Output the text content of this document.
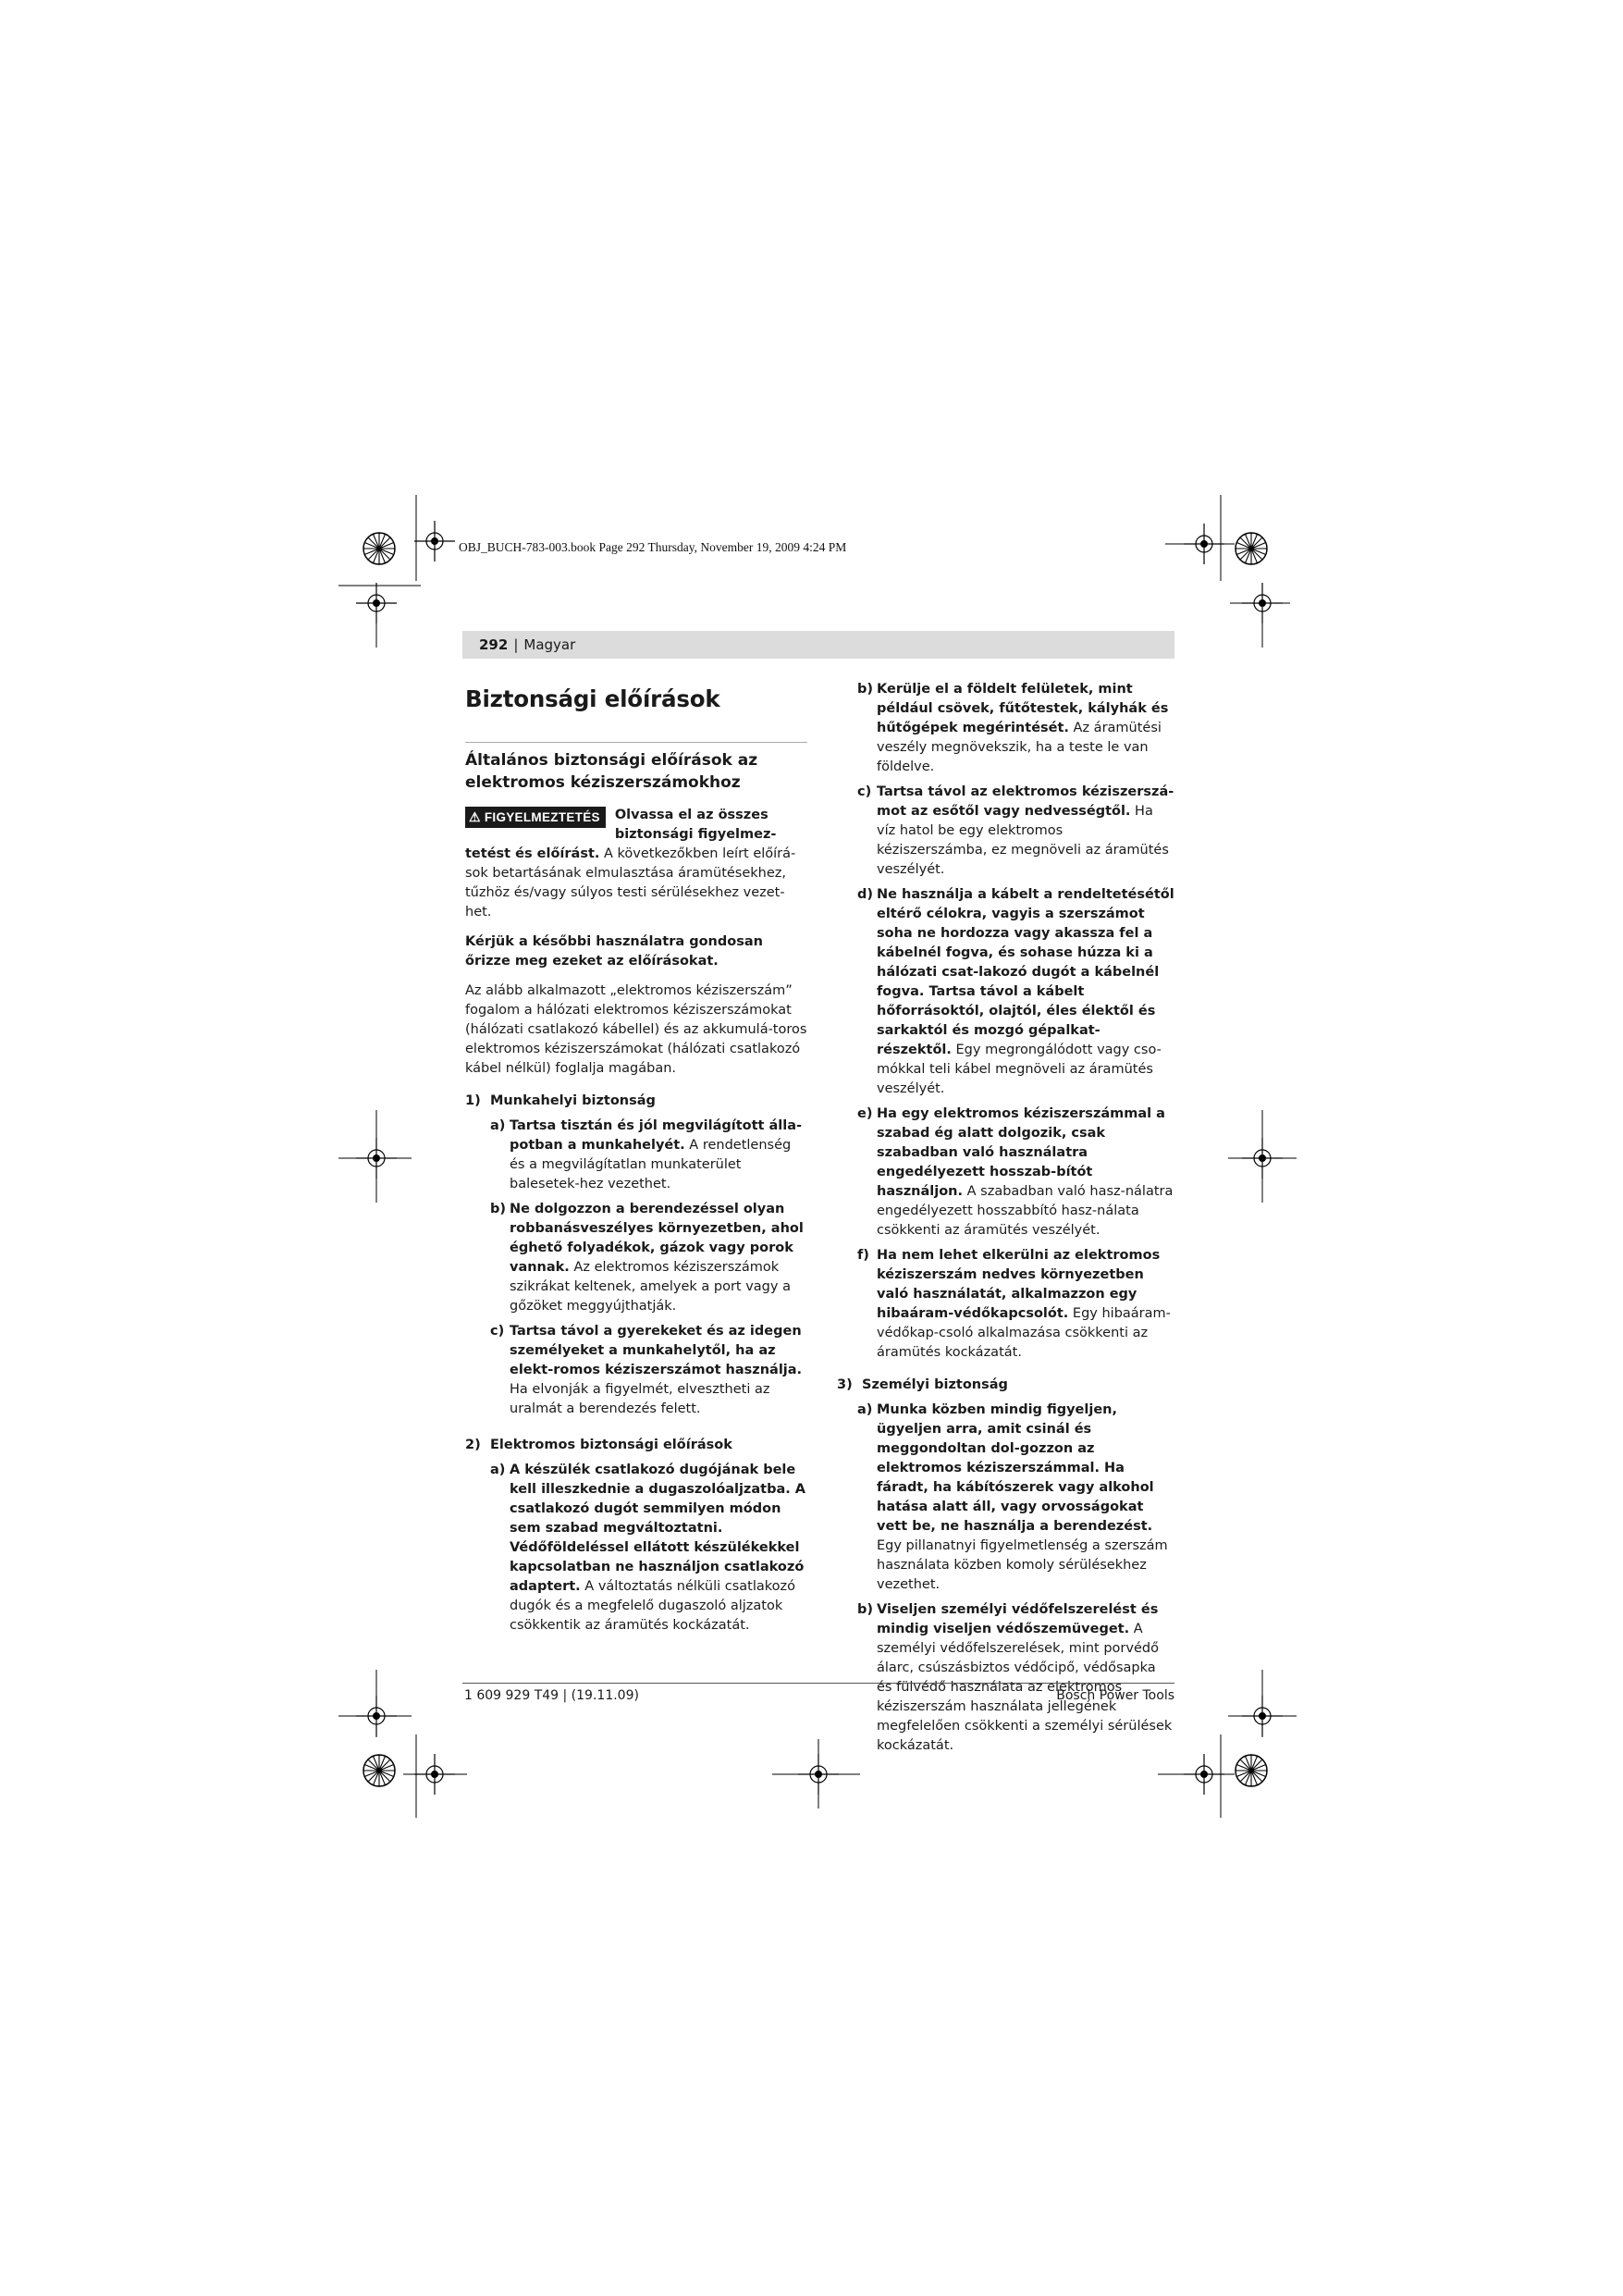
OBJ_BUCH-783-003.book Page 292 Thursday, November 19, 2009 4:24 PM
292 | Magyar
Biztonsági előírások
Általános biztonsági előírások az elektromos kéziszerszámokhoz
⚠ FIGYELMEZTETÉS Olvassa el az összes biztonsági figyelmez-tetést és előírást. A következőkben leírt előírá-sok betartásának elmulasztása áramütésekhez, tűzhöz és/vagy súlyos testi sérülésekhez vezet-het.
Kérjük a későbbi használatra gondosan őrizze meg ezeket az előírásokat.
Az alább alkalmazott „elektromos kéziszerszám” fogalom a hálózati elektromos kéziszerszámokat (hálózati csatlakozó kábellel) és az akkumulá-toros elektromos kéziszerszámokat (hálózati csatlakozó kábel nélkül) foglalja magában.
1) Munkahelyi biztonság
a) Tartsa tisztán és jól megvilágított álla-potban a munkahelyét. A rendetlenség és a megvilágítatlan munkaterület balesetek-hez vezethet.
b) Ne dolgozzon a berendezéssel olyan robbanásveszélyes környezetben, ahol éghető folyadékok, gázok vagy porok vannak. Az elektromos kéziszerszámok szikrákat keltenek, amelyek a port vagy a gőzöket meggyújthatják.
c) Tartsa távol a gyerekeket és az idegen személyeket a munkahelytől, ha az elekt-romos kéziszerszámot használja. Ha elvonják a figyelmét, elvesztheti az uralmát a berendezés felett.
2) Elektromos biztonsági előírások
a) A készülék csatlakozó dugójának bele kell illeszkednie a dugaszolóaljzatba. A csatlakozó dugót semmilyen módon sem szabad megváltoztatni. Védőföldeléssel ellátott készülékekkel kapcsolatban ne használjon csatlakozó adaptert. A változtatás nélküli csatlakozó dugók és a megfelelő dugaszoló aljzatok csökkentik az áramütés kockázatát.
b) Kerülje el a földelt felületek, mint például csövek, fűtőtestek, kályhák és hűtőgépek megérintését. Az áramütési veszély megnövekszik, ha a teste le van földelve.
c) Tartsa távol az elektromos kéziszerszá-mot az esőtől vagy nedvességtől. Ha víz hatol be egy elektromos kéziszerszámba, ez megnöveli az áramütés veszélyét.
d) Ne használja a kábelt a rendeltetésétől eltérő célokra, vagyis a szerszámot soha ne hordozza vagy akassza fel a kábelnél fogva, és sohase húzza ki a hálózati csat-lakozó dugót a kábelnél fogva. Tartsa távol a kábelt hőforrásoktól, olajtól, éles élektől és sarkaktól és mozgó gépalkat-részektől. Egy megrongálódott vagy cso-mókkal teli kábel megnöveli az áramütés veszélyét.
e) Ha egy elektromos kéziszerszámmal a szabad ég alatt dolgozik, csak szabadban való használatra engedélyezett hosszab-bítót használjon. A szabadban való hasz-nálatra engedélyezett hosszabbító hasz-nálata csökkenti az áramütés veszélyét.
f) Ha nem lehet elkerülni az elektromos kéziszerszám nedves környezetben való használatát, alkalmazzon egy hibaáram-védőkapcsolót. Egy hibaáram-védőkap-csoló alkalmazása csökkenti az áramütés kockázatát.
3) Személyi biztonság
a) Munka közben mindig figyeljen, ügyeljen arra, amit csinál és meggondoltan dol-gozzon az elektromos kéziszerszámmal. Ha fáradt, ha kábítószerek vagy alkohol hatása alatt áll, vagy orvosságokat vett be, ne használja a berendezést. Egy pillanatnyi figyelmetlenség a szerszám használata közben komoly sérülésekhez vezethet.
b) Viseljen személyi védőfelszerelést és mindig viseljen védőszemüveget. A személyi védőfelszerelések, mint porvédő álarc, csúszásbiztos védőcipő, védősapka és fülvédő használata az elektromos kéziszerszám használata jellegének megfelelően csökkenti a személyi sérülések kockázatát.
1 609 929 T49 | (19.11.09)	Bosch Power Tools
